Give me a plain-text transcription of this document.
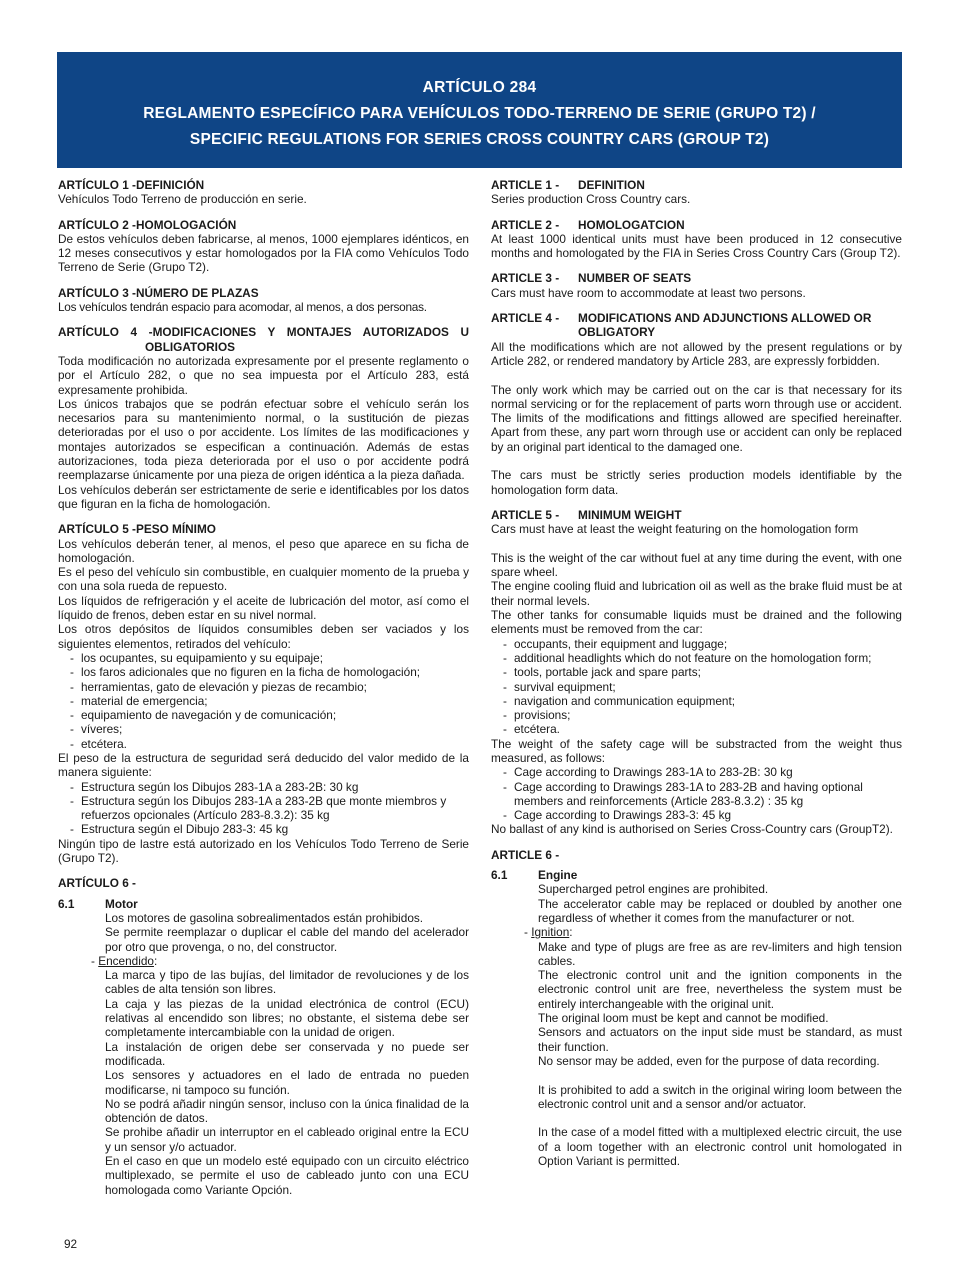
ARTÍCULO 284
REGLAMENTO ESPECÍFICO PARA VEHÍCULOS TODO-TERRENO DE SERIE (GRUPO T2) /
SPECIFIC REGULATIONS FOR SERIES CROSS COUNTRY CARS (GROUP T2)
ARTÍCULO 1 -DEFINICIÓN

Vehículos Todo Terreno de producción en serie.

ARTÍCULO 2 -HOMOLOGACIÓN

De estos vehículos deben fabricarse, al menos, 1000 ejemplares idénticos, en 12 meses consecutivos y estar homologados por la FIA como Vehículos Todo Terreno de Serie (Grupo T2).

ARTÍCULO 3 -NÚMERO DE PLAZAS

Los vehículos tendrán espacio para acomodar, al menos, a dos personas.

ARTÍCULO 4 -MODIFICACIONES Y MONTAJES AUTORIZADOS U
OBLIGATORIOS

Toda modificación no autorizada expresamente por el presente reglamento o por el Artículo 282, o que no sea impuesta por el Artículo 283, está expresamente prohibida.

Los únicos trabajos que se podrán efectuar sobre el vehículo serán los necesarios para su mantenimiento normal, o la sustitución de piezas deterioradas por el uso o por accidente. Los límites de las modificaciones y montajes autorizados se especifican a continuación. Además de estas autorizaciones, toda pieza deteriorada por el uso o por accidente podrá reemplazarse únicamente por una pieza de origen idéntica a la pieza dañada.

Los vehículos deberán ser estrictamente de serie e identificables por los datos que figuran en la ficha de homologación.

ARTÍCULO 5 -PESO MÍNIMO

Los vehículos deberán tener, al menos, el peso que aparece en su ficha de homologación.

Es el peso del vehículo sin combustible, en cualquier momento de la prueba y con una sola rueda de repuesto.

Los líquidos de refrigeración y el aceite de lubricación del motor, así como el líquido de frenos, deben estar en su nivel normal.

Los otros depósitos de líquidos consumibles deben ser vaciados y los siguientes elementos, retirados del vehículo:

- los ocupantes, su equipamiento y su equipaje;
- los faros adicionales que no figuren en la ficha de homologación;
- herramientas, gato de elevación y piezas de recambio;
- material de emergencia;
- equipamiento de navegación y de comunicación;
- víveres;
- etcétera.

El peso de la estructura de seguridad será deducido del valor medido de la manera siguiente:

- Estructura según los Dibujos 283-1A a 283-2B: 30 kg
- Estructura según los Dibujos 283-1A a 283-2B que monte miembros y refuerzos opcionales (Artículo 283-8.3.2): 35 kg
- Estructura según el Dibujo 283-3: 45 kg

Ningún tipo de lastre está autorizado en los Vehículos Todo Terreno de Serie (Grupo T2).

ARTÍCULO 6 -
6.1	Motor

Los motores de gasolina sobrealimentados están prohibidos.

Se permite reemplazar o duplicar el cable del mando del acelerador por otro que provenga, o no, del constructor.

- Encendido:

La marca y tipo de las bujías, del limitador de revoluciones y de los cables de alta tensión son libres.

La caja y las piezas de la unidad electrónica de control (ECU) relativas al encendido son libres; no obstante, el sistema debe ser completamente intercambiable con la unidad de origen.

La instalación de origen debe ser conservada y no puede ser modificada.

Los sensores y actuadores en el lado de entrada no pueden modificarse, ni tampoco su función.

No se podrá añadir ningún sensor, incluso con la única finalidad de la obtención de datos.

Se prohibe añadir un interruptor en el cableado original entre la ECU y un sensor y/o actuador.

En el caso en que un modelo esté equipado con un circuito eléctrico multiplexado, se permite el uso de cableado junto con una ECU homologada como Variante Opción.

ARTICLE 1 - DEFINITION

Series production Cross Country cars.

ARTICLE 2 - HOMOLOGATCION

At least 1000 identical units must have been produced in 12 consecutive months and homologated by the FIA in Series Cross Country Cars (Group T2).

ARTICLE 3 - NUMBER OF SEATS

Cars must have room to accommodate at least two persons.

ARTICLE 4 - MODIFICATIONS AND ADJUNCTIONS ALLOWED OR
OBLIGATORY

All the modifications which are not allowed by the present regulations or by Article 282, or rendered mandatory by Article 283, are expressly forbidden.

The only work which may be carried out on the car is that necessary for its normal servicing or for the replacement of parts worn through use or accident. The limits of the modifications and fittings allowed are specified hereinafter. Apart from these, any part worn through use or accident can only be replaced by an original part identical to the damaged one.

The cars must be strictly series production models identifiable by the homologation form data.

ARTICLE 5 - MINIMUM WEIGHT

Cars must have at least the weight featuring on the homologation form

This is the weight of the car without fuel at any time during the event, with one spare wheel.

The engine cooling fluid and lubrication oil as well as the brake fluid must be at their normal levels.

The other tanks for consumable liquids must be drained and the following elements must be removed from the car:

- occupants, their equipment and luggage;
- additional headlights which do not feature on the homologation form;
- tools, portable jack and spare parts;
- survival equipment;
- navigation and communication equipment;
- provisions;
- etcétera.

The weight of the safety cage will be substracted from the weight thus measured, as follows:

- Cage according to Drawings 283-1A to 283-2B: 30 kg
- Cage according to Drawings 283-1A to 283-2B and having optional members and reinforcements (Article 283-8.3.2) : 35 kg
- Cage according to Drawings 283-3: 45 kg

No ballast of any kind is authorised on Series Cross-Country cars (GroupT2).

ARTICLE 6 -
6.1	Engine

Supercharged petrol engines are prohibited.

The accelerator cable may be replaced or doubled by another one regardless of whether it comes from the manufacturer or not.

- Ignition:

Make and type of plugs are free as are rev-limiters and high tension cables.

The electronic control unit and the ignition components in the electronic control unit are free, nevertheless the system must be entirely interchangeable with the original unit.

The original loom must be kept and cannot be modified.

Sensors and actuators on the input side must be standard, as must their function.

No sensor may be added, even for the purpose of data recording.

It is prohibited to add a switch in the original wiring loom between the electronic control unit and a sensor and/or actuator.

In the case of a model fitted with a multiplexed electric circuit, the use of a loom together with an electronic control unit homologated in Option Variant is permitted.

92
